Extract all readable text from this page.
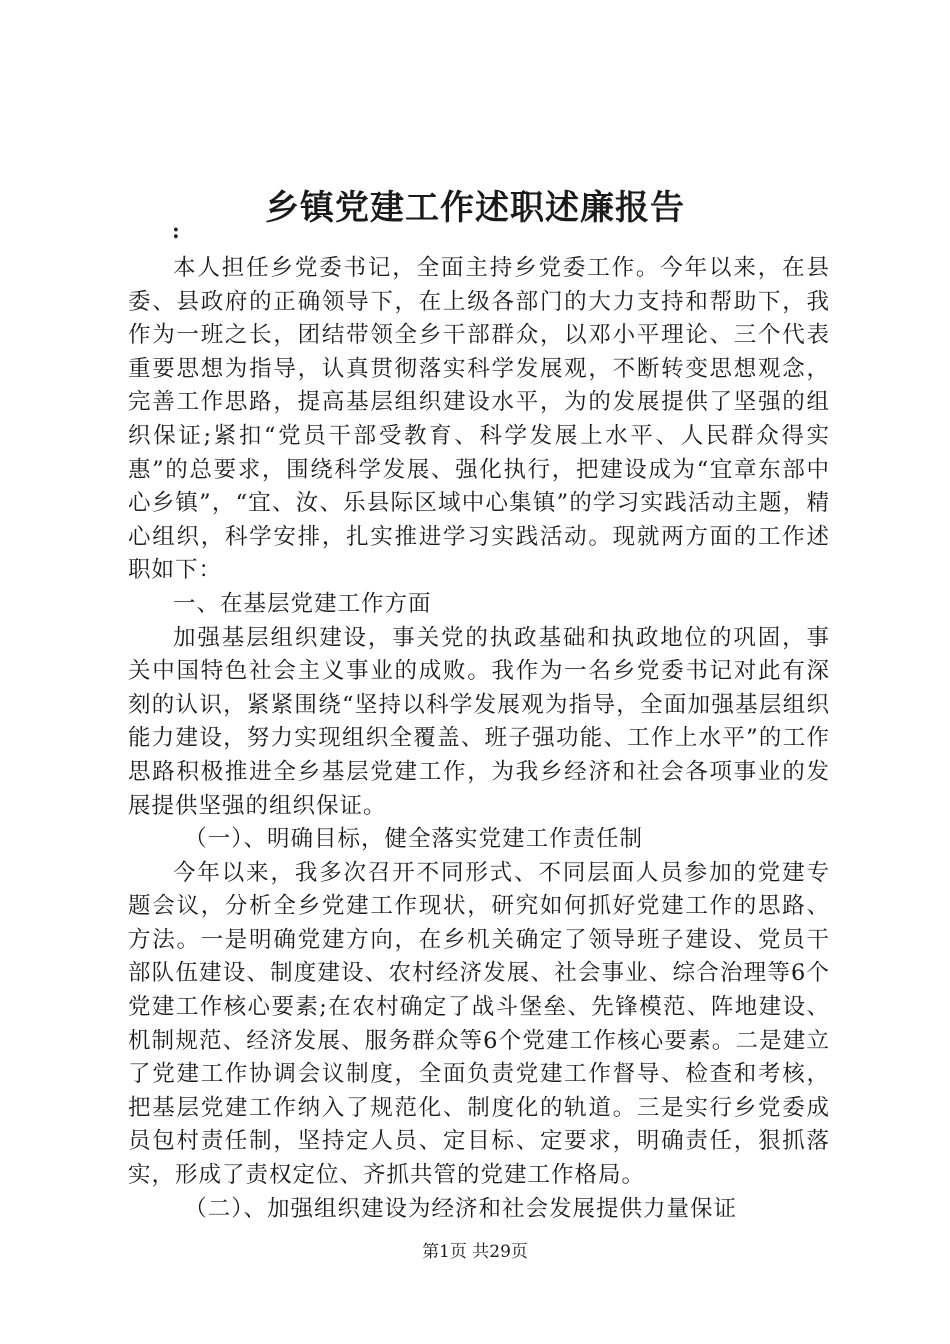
乡镇党建工作述职述廉报告
:

本人担任乡党委书记，全面主持乡党委工作。今年以来，在县委、县政府的正确领导下，在上级各部门的大力支持和帮助下，我作为一班之长，团结带领全乡干部群众，以邓小平理论、三个代表重要思想为指导，认真贯彻落实科学发展观，不断转变思想观念，完善工作思路，提高基层组织建设水平，为的发展提供了坚强的组织保证;紧扣“党员干部受教育、科学发展上水平、人民群众得实惠”的总要求，围绕科学发展、强化执行，把建设成为“宜章东部中心乡镇”，“宜、汝、乐县际区域中心集镇”的学习实践活动主题，精心组织，科学安排，扎实推进学习实践活动。现就两方面的工作述职如下：

一、在基层党建工作方面

加强基层组织建设，事关党的执政基础和执政地位的巩固，事关中国特色社会主义事业的成败。我作为一名乡党委书记对此有深刻的认识，紧紧围绕“坚持以科学发展观为指导，全面加强基层组织能力建设，努力实现组织全覆盖、班子强功能、工作上水平”的工作思路积极推进全乡基层党建工作，为我乡经济和社会各项事业的发展提供坚强的组织保证。

（一）、明确目标，健全落实党建工作责任制

今年以来，我多次召开不同形式、不同层面人员参加的党建专题会议，分析全乡党建工作现状，研究如何抓好党建工作的思路、方法。一是明确党建方向，在乡机关确定了领导班子建设、党员干部队伍建设、制度建设、农村经济发展、社会事业、综合治理等6个党建工作核心要素;在农村确定了战斗堡垒、先锋模范、阵地建设、机制规范、经济发展、服务群众等6个党建工作核心要素。二是建立了党建工作协调会议制度，全面负责党建工作督导、检查和考核，把基层党建工作纳入了规范化、制度化的轨道。三是实行乡党委成员包村责任制，坚持定人员、定目标、定要求，明确责任，狠抓落实，形成了责权定位、齐抓共管的党建工作格局。

（二）、加强组织建设为经济和社会发展提供力量保证

第1页 共29页
